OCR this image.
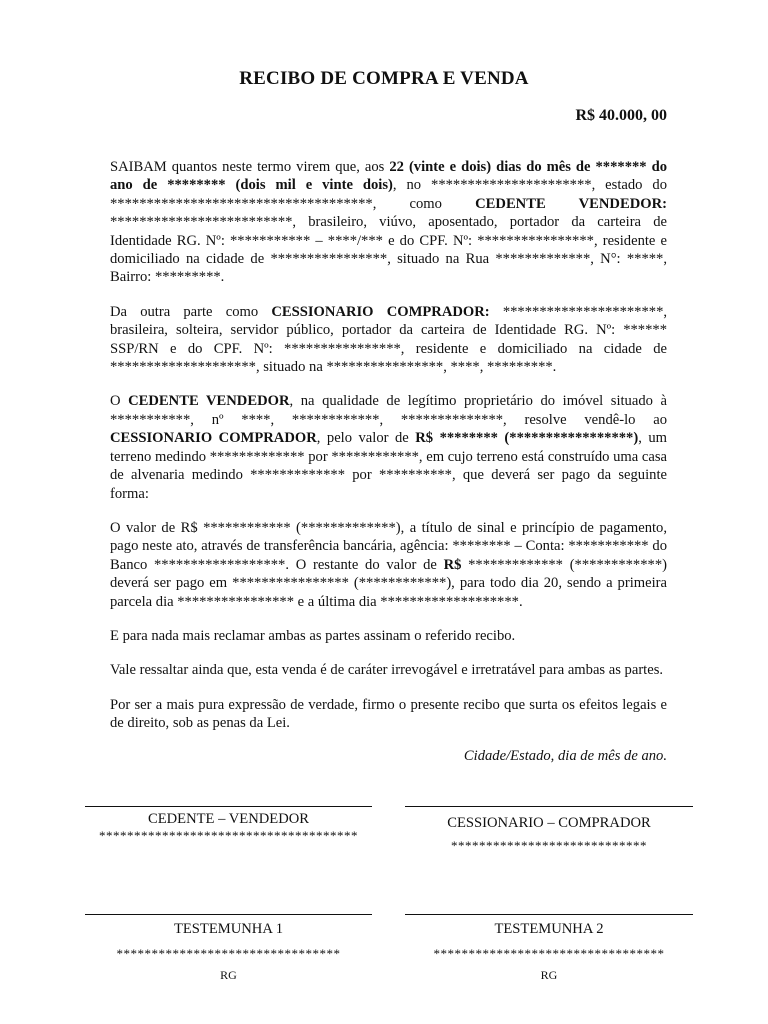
RECIBO DE COMPRA E VENDA
R$ 40.000, 00

SAIBAM quantos neste termo virem que, aos 22 (vinte e dois) dias do mês de ******* do ano de ******** (dois mil e vinte dois), no **********************, estado do ************************************, como CEDENTE VENDEDOR: *************************, brasileiro, viúvo, aposentado, portador da carteira de Identidade RG. Nº: *********** – ****/*** e do CPF. Nº: ****************, residente e domiciliado na cidade de ****************, situado na Rua *************, N°: *****, Bairro: *********.

Da outra parte como CESSIONARIO COMPRADOR: **********************, brasileira, solteira, servidor público, portador da carteira de Identidade RG. Nº: ****** SSP/RN e do CPF. Nº: ****************, residente e domiciliado na cidade de ********************, situado na ****************, ****, *********.

O CEDENTE VENDEDOR, na qualidade de legítimo proprietário do imóvel situado à ***********, nº ****, ************, **************, resolve vendê-lo ao CESSIONARIO COMPRADOR, pelo valor de R$ ******** (*****************), um terreno medindo ************* por ************, em cujo terreno está construído uma casa de alvenaria medindo ************* por **********, que deverá ser pago da seguinte forma:

O valor de R$ ************ (*************), a título de sinal e princípio de pagamento, pago neste ato, através de transferência bancária, agência: ******** – Conta: *********** do Banco ******************. O restante do valor de R$ ************* (************) deverá ser pago em **************** (************), para todo dia 20, sendo a primeira parcela dia **************** e a última dia *******************.

E para nada mais reclamar ambas as partes assinam o referido recibo.

Vale ressaltar ainda que, esta venda é de caráter irrevogável e irretratável para ambas as partes.

Por ser a mais pura expressão de verdade, firmo o presente recibo que surta os efeitos legais e de direito, sob as penas da Lei.

Cidade/Estado, dia de mês de ano.
CEDENTE – VENDEDOR
*************************************
CESSIONARIO – COMPRADOR
****************************
TESTEMUNHA 1
********************************
RG
TESTEMUNHA 2
*********************************
RG
